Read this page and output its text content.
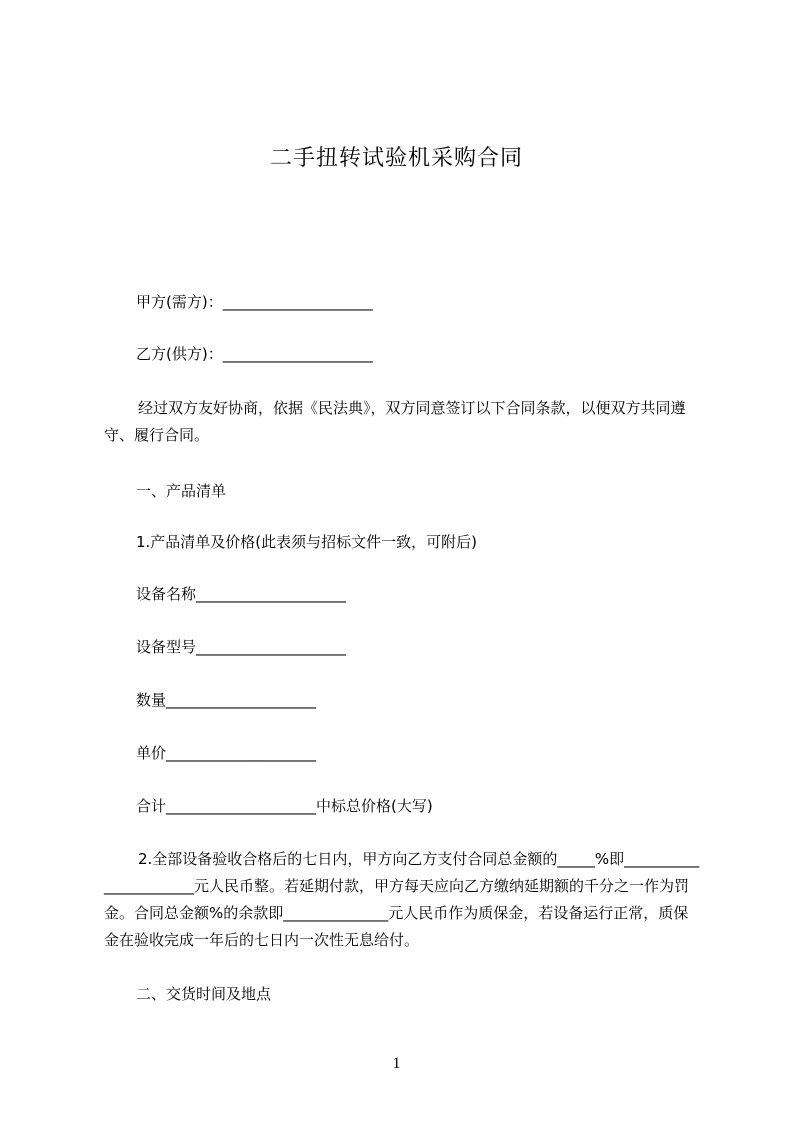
二手扭转试验机采购合同
甲方(需方)：____________________
乙方(供方)：____________________
经过双方友好协商，依据《民法典》，双方同意签订以下合同条款，以便双方共同遵守、履行合同。
一、产品清单
1.产品清单及价格(此表须与招标文件一致，可附后)
设备名称____________________
设备型号____________________
数量____________________
单价____________________
合计____________________中标总价格(大写)
2.全部设备验收合格后的七日内，甲方向乙方支付合同总金额的_____%即______________________元人民币整。若延期付款，甲方每天应向乙方缴纳延期额的千分之一作为罚金。合同总金额%的余款即______________元人民币作为质保金，若设备运行正常，质保金在验收完成一年后的七日内一次性无息给付。
二、交货时间及地点
1
